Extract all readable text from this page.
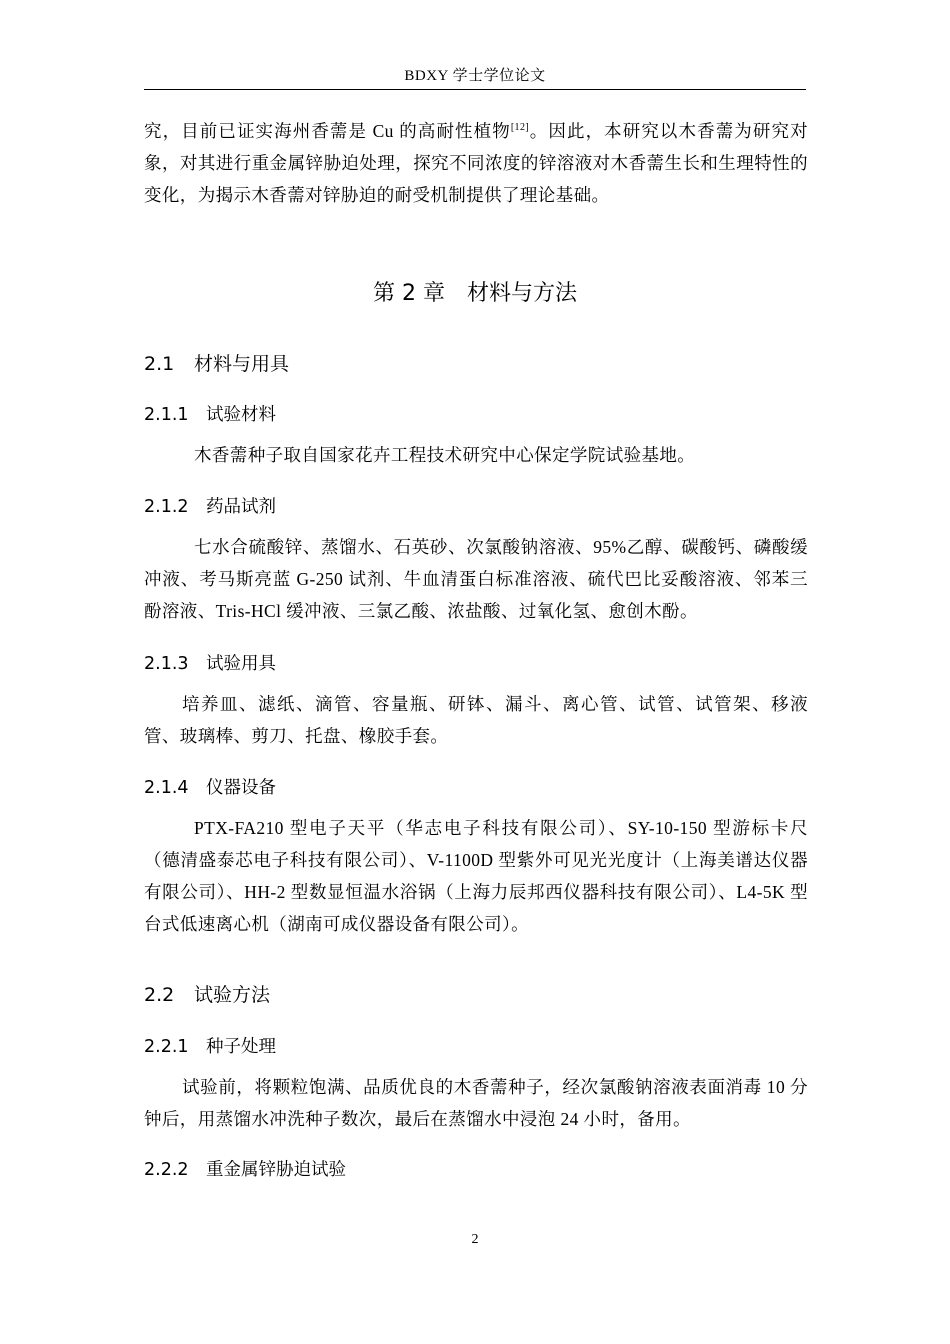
BDXY 学士学位论文
究，目前已证实海州香薷是 Cu 的高耐性植物[12]。因此，本研究以木香薷为研究对象，对其进行重金属锌胁迫处理，探究不同浓度的锌溶液对木香薷生长和生理特性的变化，为揭示木香薷对锌胁迫的耐受机制提供了理论基础。
第 2 章 材料与方法
2.1 材料与用具
2.1.1 试验材料
木香薷种子取自国家花卉工程技术研究中心保定学院试验基地。
2.1.2 药品试剂
七水合硫酸锌、蒸馏水、石英砂、次氯酸钠溶液、95%乙醇、碳酸钙、磷酸缓冲液、考马斯亮蓝 G-250 试剂、牛血清蛋白标准溶液、硫代巴比妥酸溶液、邻苯三酚溶液、Tris-HCl 缓冲液、三氯乙酸、浓盐酸、过氧化氢、愈创木酚。
2.1.3 试验用具
培养皿、滤纸、滴管、容量瓶、研钵、漏斗、离心管、试管、试管架、移液管、玻璃棒、剪刀、托盘、橡胶手套。
2.1.4 仪器设备
PTX-FA210 型电子天平（华志电子科技有限公司）、SY-10-150 型游标卡尺（德清盛泰芯电子科技有限公司）、V-1100D 型紫外可见光光度计（上海美谱达仪器有限公司）、HH-2 型数显恒温水浴锅（上海力辰邦西仪器科技有限公司）、L4-5K 型台式低速离心机（湖南可成仪器设备有限公司）。
2.2 试验方法
2.2.1 种子处理
试验前，将颗粒饱满、品质优良的木香薷种子，经次氯酸钠溶液表面消毒 10 分钟后，用蒸馏水冲洗种子数次，最后在蒸馏水中浸泡 24 小时，备用。
2.2.2 重金属锌胁迫试验
2
